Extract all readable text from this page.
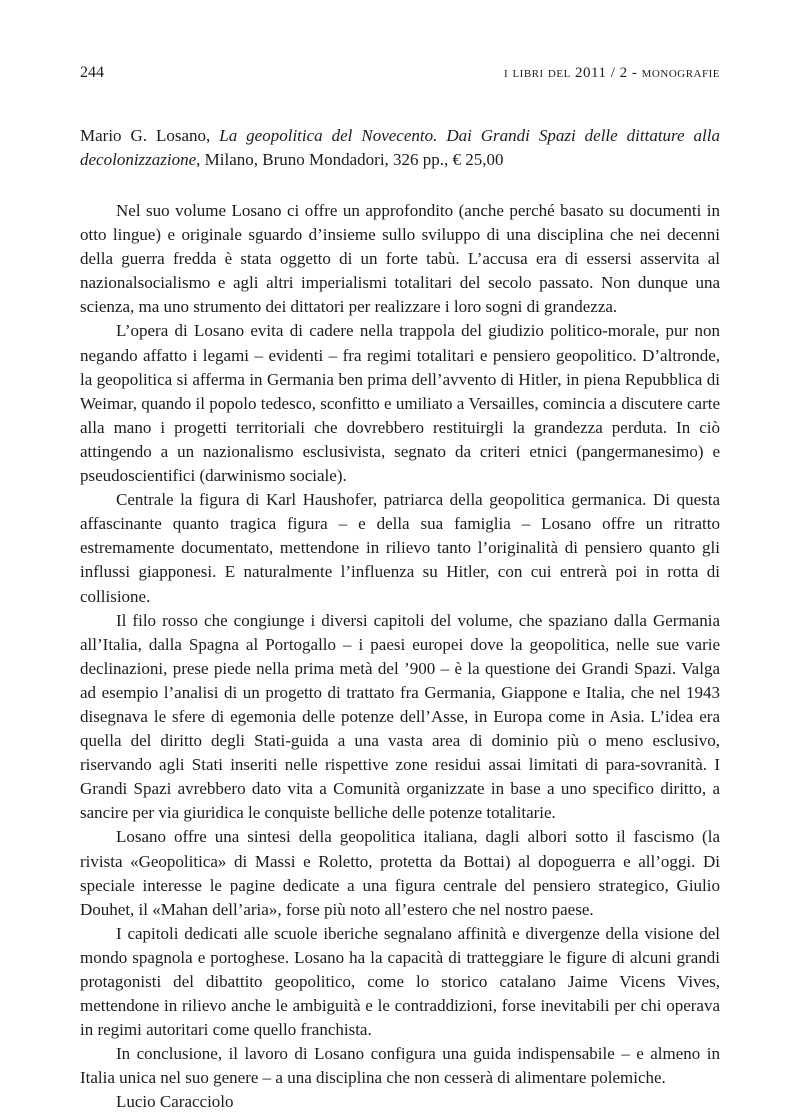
244	i libri del 2011 / 2 - monografie
Mario G. Losano, La geopolitica del Novecento. Dai Grandi Spazi delle dittature alla decolonizzazione, Milano, Bruno Mondadori, 326 pp., € 25,00

Nel suo volume Losano ci offre un approfondito (anche perché basato su documenti in otto lingue) e originale sguardo d’insieme sullo sviluppo di una disciplina che nei decenni della guerra fredda è stata oggetto di un forte tabù. L’accusa era di essersi asservita al nazionalsocialismo e agli altri imperialismi totalitari del secolo passato. Non dunque una scienza, ma uno strumento dei dittatori per realizzare i loro sogni di grandezza.

L’opera di Losano evita di cadere nella trappola del giudizio politico-morale, pur non negando affatto i legami – evidenti – fra regimi totalitari e pensiero geopolitico. D’altronde, la geopolitica si afferma in Germania ben prima dell’avvento di Hitler, in piena Repubblica di Weimar, quando il popolo tedesco, sconfitto e umiliato a Versailles, comincia a discutere carte alla mano i progetti territoriali che dovrebbero restituirgli la grandezza perduta. In ciò attingendo a un nazionalismo esclusivista, segnato da criteri etnici (pangermanesimo) e pseudoscientifici (darwinismo sociale).

Centrale la figura di Karl Haushofer, patriarca della geopolitica germanica. Di questa affascinante quanto tragica figura – e della sua famiglia – Losano offre un ritratto estremamente documentato, mettendone in rilievo tanto l’originalità di pensiero quanto gli influssi giapponesi. E naturalmente l’influenza su Hitler, con cui entrerà poi in rotta di collisione.

Il filo rosso che congiunge i diversi capitoli del volume, che spaziano dalla Germania all’Italia, dalla Spagna al Portogallo – i paesi europei dove la geopolitica, nelle sue varie declinazioni, prese piede nella prima metà del ’900 – è la questione dei Grandi Spazi. Valga ad esempio l’analisi di un progetto di trattato fra Germania, Giappone e Italia, che nel 1943 disegnava le sfere di egemonia delle potenze dell’Asse, in Europa come in Asia. L’idea era quella del diritto degli Stati-guida a una vasta area di dominio più o meno esclusivo, riservando agli Stati inseriti nelle rispettive zone residui assai limitati di para-sovranità. I Grandi Spazi avrebbero dato vita a Comunità organizzate in base a uno specifico diritto, a sancire per via giuridica le conquiste belliche delle potenze totalitarie.

Losano offre una sintesi della geopolitica italiana, dagli albori sotto il fascismo (la rivista «Geopolitica» di Massi e Roletto, protetta da Bottai) al dopoguerra e all’oggi. Di speciale interesse le pagine dedicate a una figura centrale del pensiero strategico, Giulio Douhet, il «Mahan dell’aria», forse più noto all’estero che nel nostro paese.

I capitoli dedicati alle scuole iberiche segnalano affinità e divergenze della visione del mondo spagnola e portoghese. Losano ha la capacità di tratteggiare le figure di alcuni grandi protagonisti del dibattito geopolitico, come lo storico catalano Jaime Vicens Vives, mettendone in rilievo anche le ambiguità e le contraddizioni, forse inevitabili per chi operava in regimi autoritari come quello franchista.

In conclusione, il lavoro di Losano configura una guida indispensabile – e almeno in Italia unica nel suo genere – a una disciplina che non cesserà di alimentare polemiche.

Lucio Caracciolo
